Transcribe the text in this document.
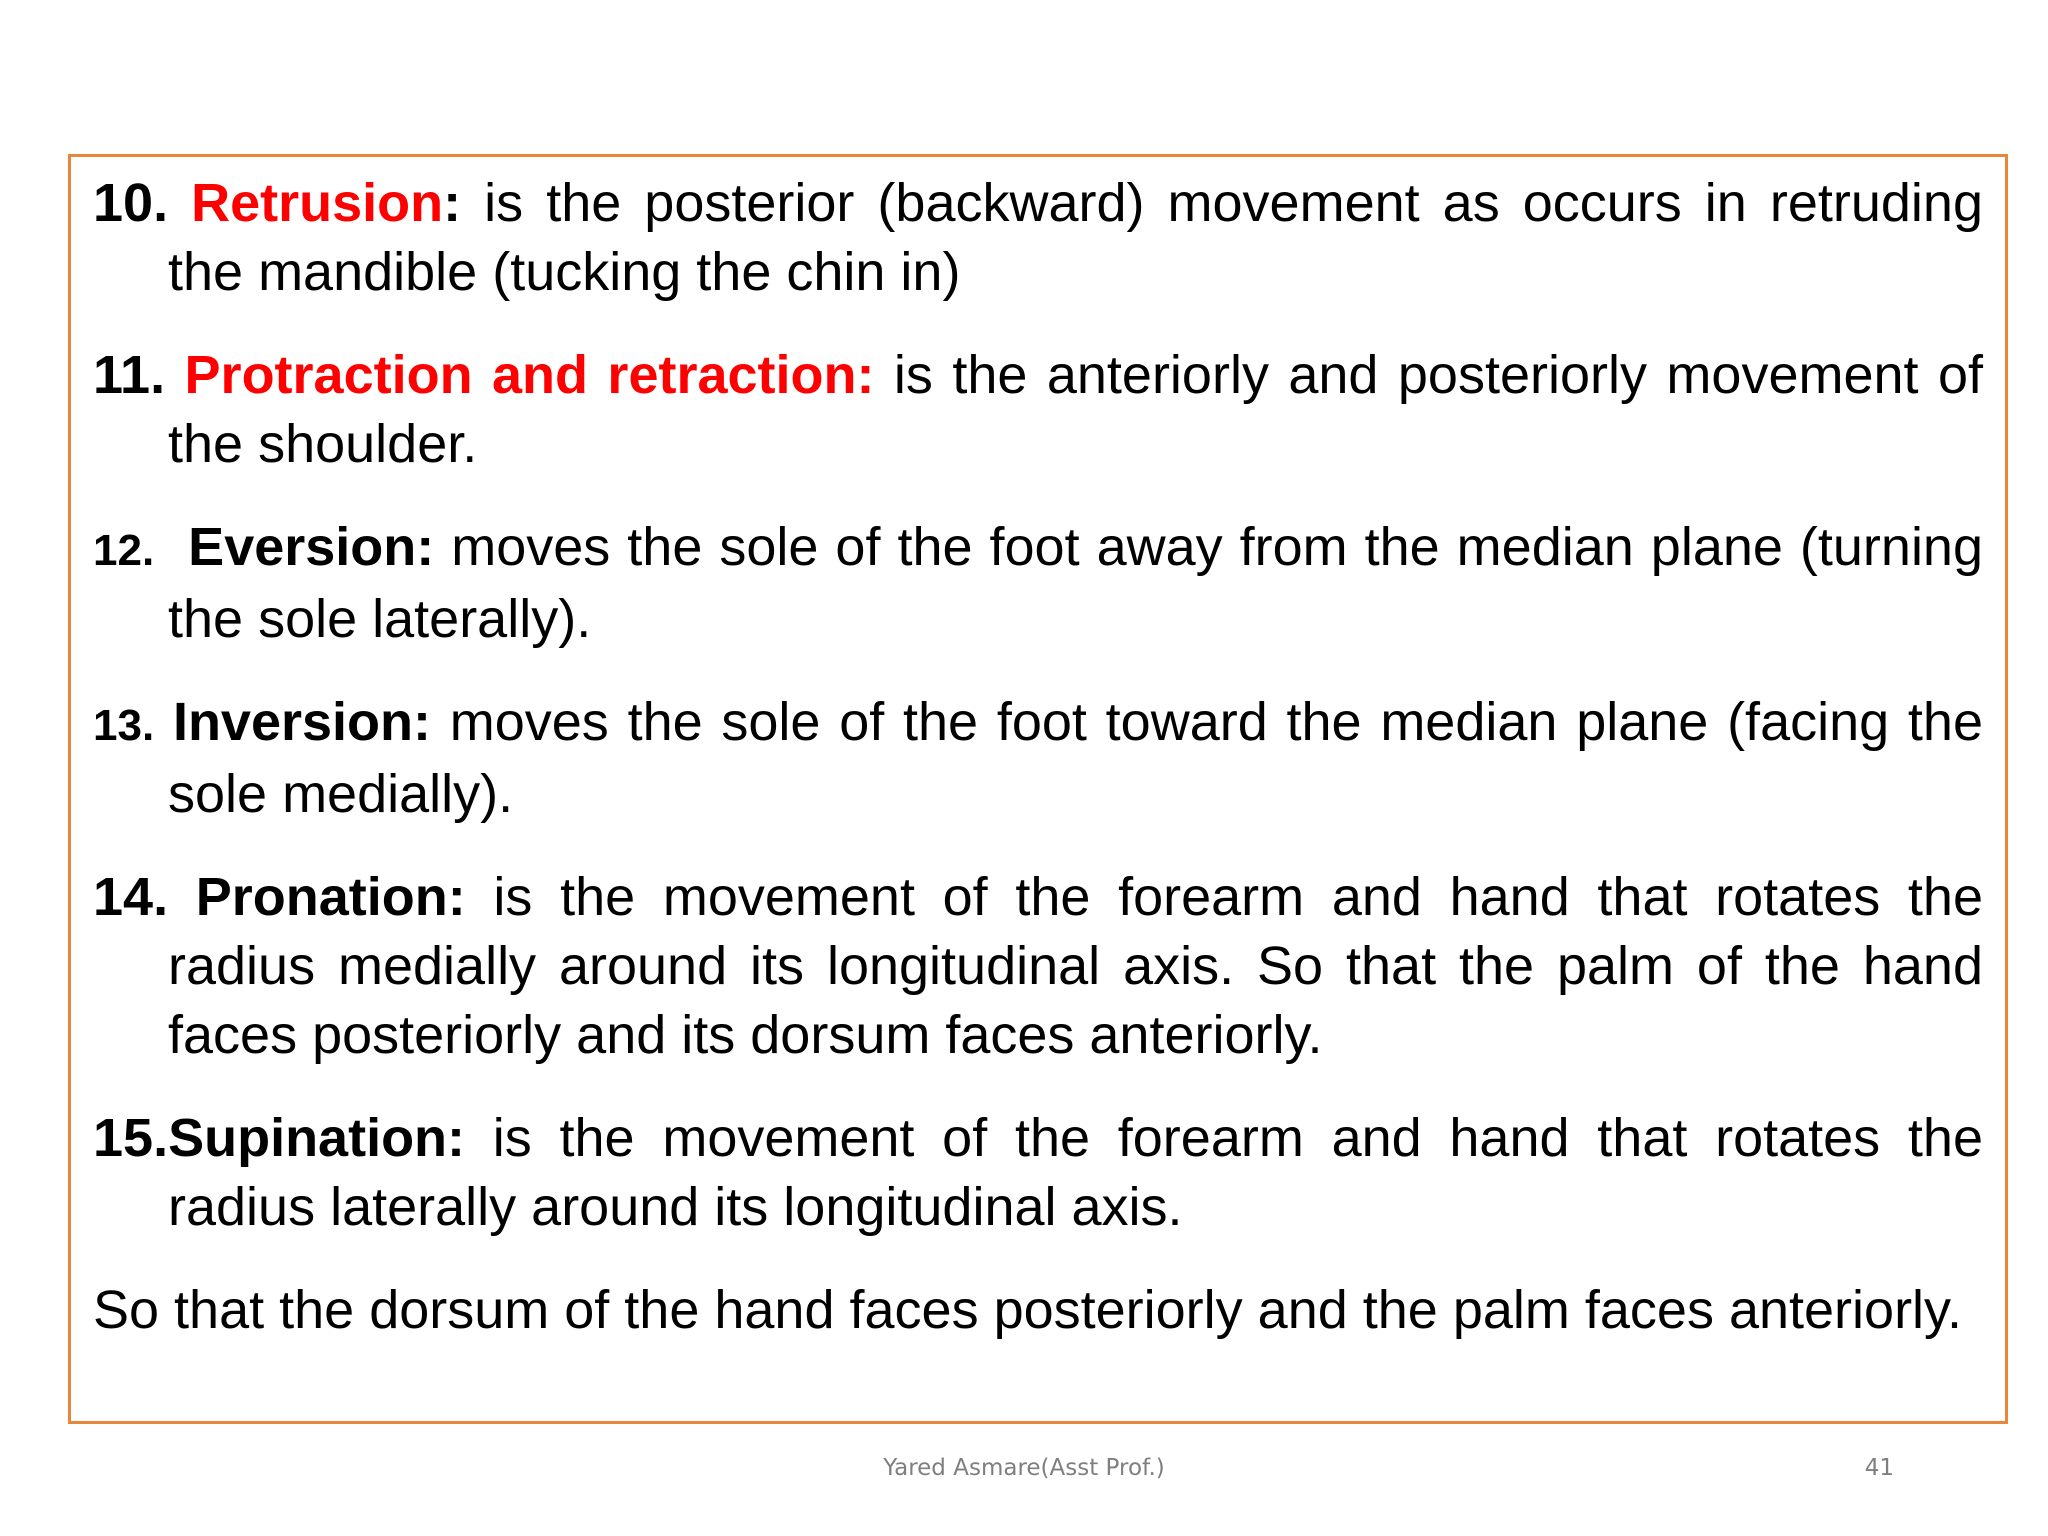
10. Retrusion: is the posterior (backward) movement as occurs in retruding the mandible (tucking the chin in)

11. Protraction and retraction: is the anteriorly and posteriorly movement of the shoulder.

12. Eversion: moves the sole of the foot away from the median plane (turning the sole laterally).

13. Inversion: moves the sole of the foot toward the median plane (facing the sole medially).

14. Pronation: is the movement of the forearm and hand that rotates the radius medially around its longitudinal axis. So that the palm of the hand faces posteriorly and its dorsum faces anteriorly.

15.Supination: is the movement of the forearm and hand that rotates the radius laterally around its longitudinal axis.

So that the dorsum of the hand faces posteriorly and the palm faces anteriorly.

Yared Asmare(Asst Prof.)	41
